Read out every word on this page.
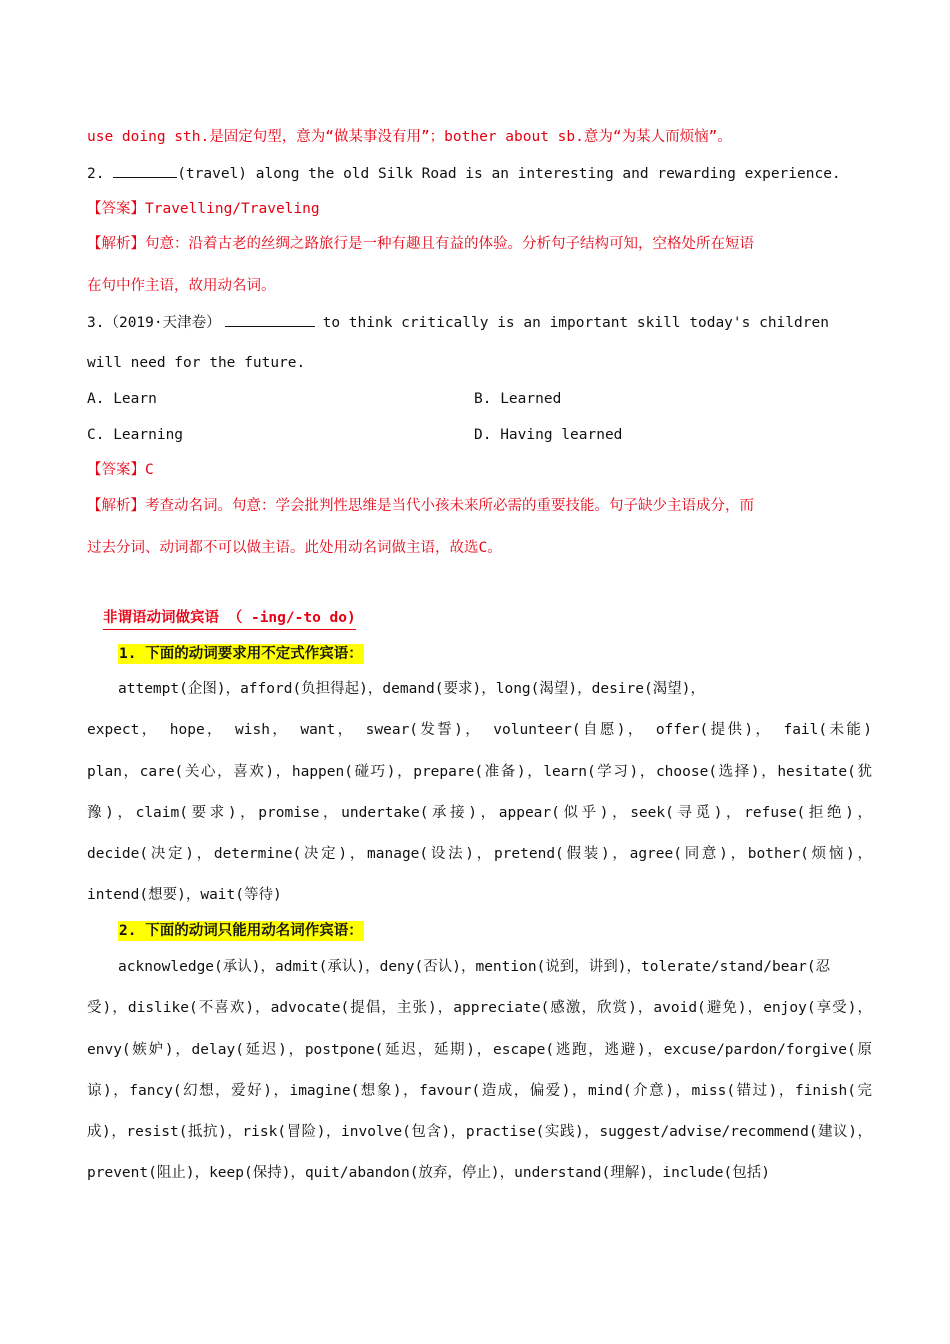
use doing sth.是固定句型，意为“做某事没有用”；bother about sb.意为“为某人而烦恼”。
2.	(travel) along the old Silk Road is an interesting and rewarding experience.
【答案】Travelling/Traveling
【解析】句意：沿着古老的丝绸之路旅行是一种有趣且有益的体验。分析句子结构可知，空格处所在短语
在句中作主语，故用动名词。
3.（2019·天津卷）	to think critically is an important skill today's children
will need for the future.
A. Learn	B. Learned
C. Learning	D. Having learned
【答案】C
【解析】考查动名词。句意：学会批判性思维是当代小孩未来所必需的重要技能。句子缺少主语成分，而
过去分词、动词都不可以做主语。此处用动名词做主语，故选C。
非谓语动词做宾语 （ -ing/-to do)
1. 下面的动词要求用不定式作宾语：
attempt(企图)，afford(负担得起)，demand(要求)，long(渴望)，desire(渴望)，
expect， hope， wish， want， swear(发誓)， volunteer(自愿)， offer(提供)， fail(未能)
plan，care(关心，喜欢)，happen(碰巧)，prepare(准备)，learn(学习)，choose(选择)，hesitate(犹
豫)，claim(要求)，promise，undertake(承接)，appear(似乎)，seek(寻觅)，refuse(拒绝)，
decide(决定)，determine(决定)，manage(设法)，pretend(假装)，agree(同意)，bother(烦恼)，
intend(想要)，wait(等待)
2. 下面的动词只能用动名词作宾语：
acknowledge(承认)，admit(承认)，deny(否认)，mention(说到，讲到)，tolerate/stand/bear(忍
受)，dislike(不喜欢)，advocate(提倡，主张)，appreciate(感激，欣赏)，avoid(避免)，enjoy(享受)，
envy(嫉妒)，delay(延迟)，postpone(延迟，延期)，escape(逃跑，逃避)，excuse/pardon/forgive(原
谅)，fancy(幻想，爱好)，imagine(想象)，favour(造成，偏爱)，mind(介意)，miss(错过)，finish(完
成)，resist(抵抗)，risk(冒险)，involve(包含)，practise(实践)，suggest/advise/recommend(建议)，
prevent(阻止)，keep(保持)，quit/abandon(放弃，停止)，understand(理解)，include(包括)
